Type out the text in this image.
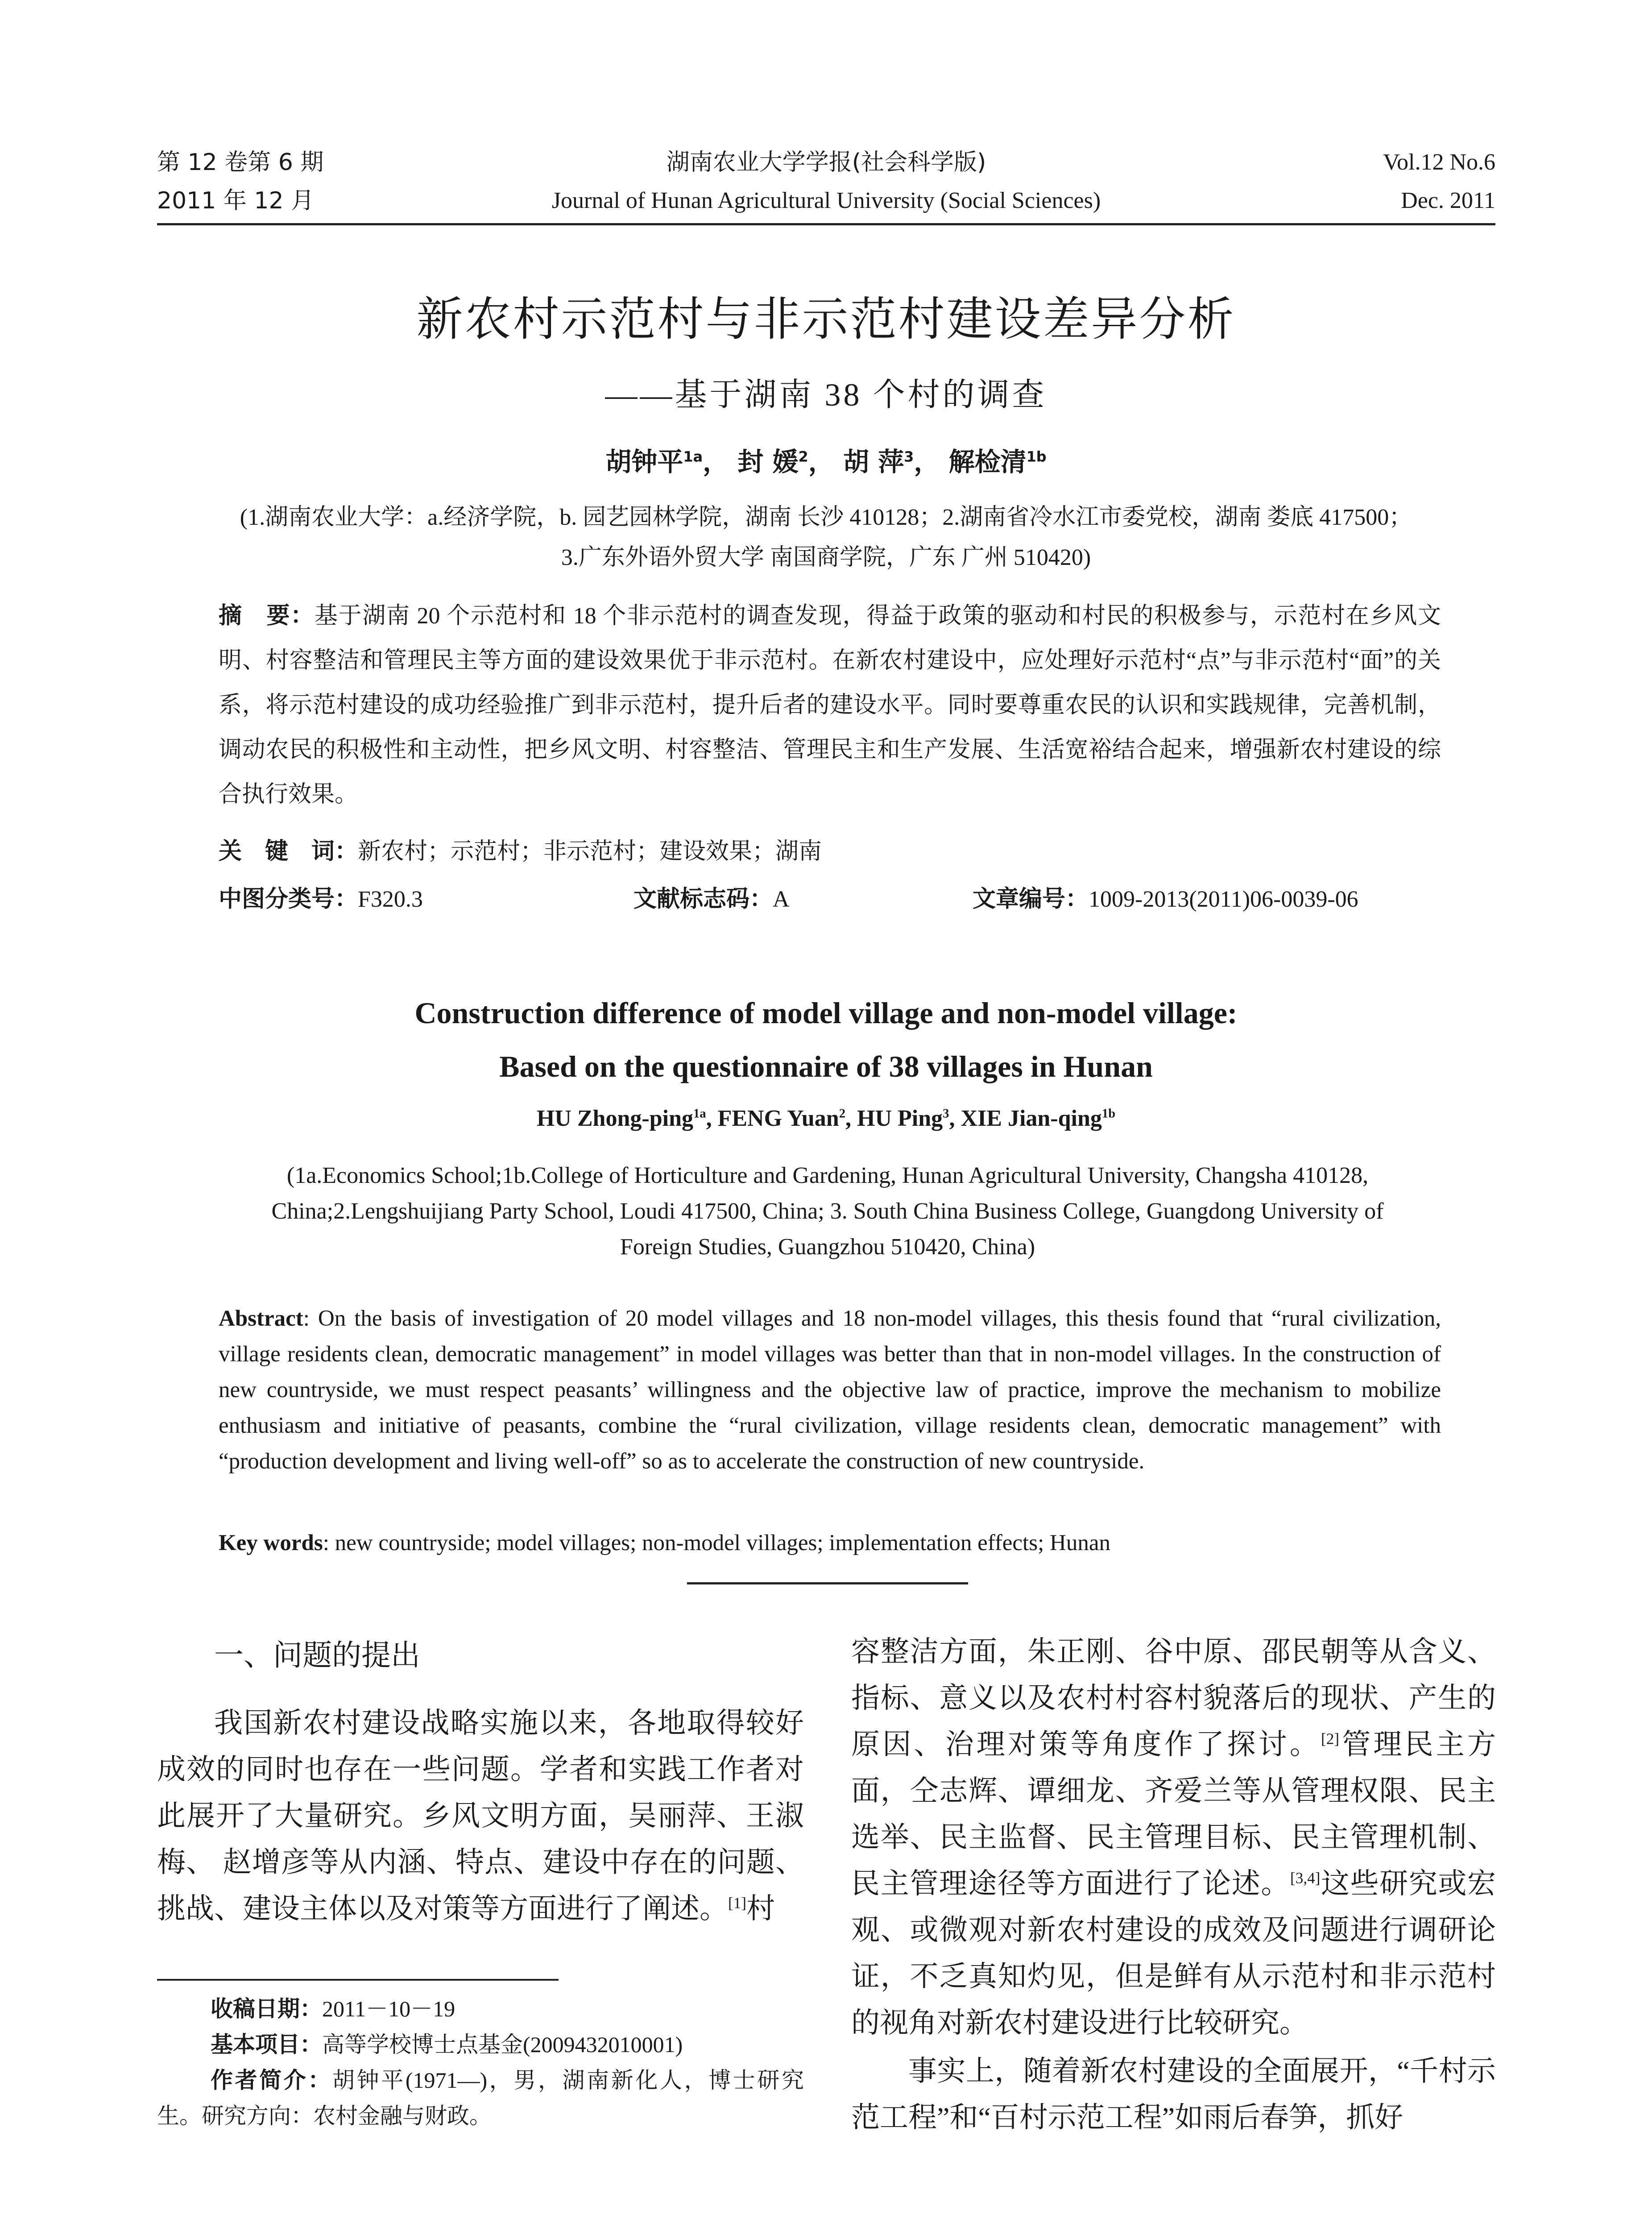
第 12 卷第 6 期	湖南农业大学学报(社会科学版)	Vol.12 No.6
2011 年 12 月	Journal of Hunan Agricultural University (Social Sciences)	Dec. 2011
新农村示范村与非示范村建设差异分析
——基于湖南 38 个村的调查
胡钟平$^{1a}$， 封 媛$^2$， 胡 萍$^3$， 解检清$^{1b}$
(1.湖南农业大学：a.经济学院，b. 园艺园林学院，湖南 长沙 410128；2.湖南省冷水江市委党校，湖南 娄底 417500；
3.广东外语外贸大学 南国商学院，广东 广州 510420)
摘　要：基于湖南 20 个示范村和 18 个非示范村的调查发现，得益于政策的驱动和村民的积极参与，示范村在乡风文明、村容整洁和管理民主等方面的建设效果优于非示范村。在新农村建设中，应处理好示范村“点”与非示范村“面”的关系，将示范村建设的成功经验推广到非示范村，提升后者的建设水平。同时要尊重农民的认识和实践规律，完善机制，调动农民的积极性和主动性，把乡风文明、村容整洁、管理民主和生产发展、生活宽裕结合起来，增强新农村建设的综合执行效果。
关　键　词：新农村；示范村；非示范村；建设效果；湖南
中图分类号：F320.3	文献标志码：A	文章编号：1009-2013(2011)06-0039-06
Construction difference of model village and non-model village:
Based on the questionnaire of 38 villages in Hunan
HU Zhong-ping$^{1a}$, FENG Yuan$^2$, HU Ping$^3$, XIE Jian-qing$^{1b}$
(1a.Economics School;1b.College of Horticulture and Gardening, Hunan Agricultural University, Changsha 410128,
China;2.Lengshuijiang Party School, Loudi 417500, China; 3. South China Business College, Guangdong University of
Foreign Studies, Guangzhou 510420, China)
Abstract: On the basis of investigation of 20 model villages and 18 non-model villages, this thesis found that “rural civilization, village residents clean, democratic management” in model villages was better than that in non-model villages. In the construction of new countryside, we must respect peasants’ willingness and the objective law of practice, improve the mechanism to mobilize enthusiasm and initiative of peasants, combine the “rural civilization, village residents clean, democratic management” with “production development and living well-off” so as to accelerate the construction of new countryside.
Key words: new countryside; model villages; non-model villages; implementation effects; Hunan
一、问题的提出
我国新农村建设战略实施以来，各地取得较好成效的同时也存在一些问题。学者和实践工作者对此展开了大量研究。乡风文明方面，吴丽萍、王淑梅、 赵增彦等从内涵、特点、建设中存在的问题、挑战、建设主体以及对策等方面进行了阐述。[1]村
收稿日期：2011－10－19
基本项目：高等学校博士点基金(2009432010001)
作者简介：胡钟平(1971—)，男，湖南新化人，博士研究生。研究方向：农村金融与财政。
容整洁方面，朱正刚、谷中原、邵民朝等从含义、指标、意义以及农村村容村貌落后的现状、产生的原因、治理对策等角度作了探讨。[2]管理民主方面，仝志辉、谭细龙、齐爱兰等从管理权限、民主选举、民主监督、民主管理目标、民主管理机制、民主管理途径等方面进行了论述。[3,4]这些研究或宏观、或微观对新农村建设的成效及问题进行调研论证，不乏真知灼见，但是鲜有从示范村和非示范村的视角对新农村建设进行比较研究。
事实上，随着新农村建设的全面展开，“千村示范工程”和“百村示范工程”如雨后春笋，抓好
